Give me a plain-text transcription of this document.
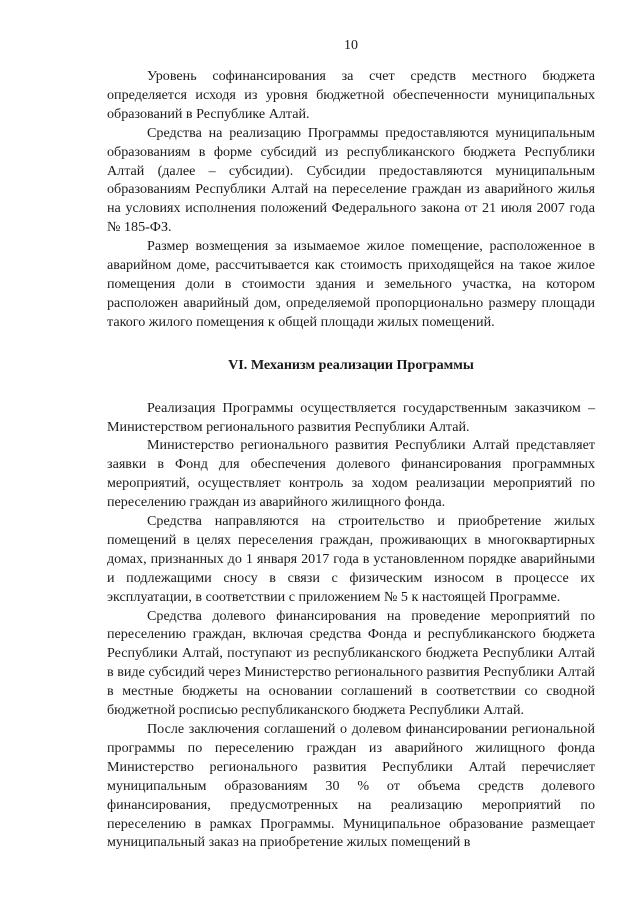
10

Уровень софинансирования за счет средств местного бюджета определяется исходя из уровня бюджетной обеспеченности муниципальных образований в Республике Алтай.

Средства на реализацию Программы предоставляются муниципальным образованиям в форме субсидий из республиканского бюджета Республики Алтай (далее – субсидии). Субсидии предоставляются муниципальным образованиям Республики Алтай на переселение граждан из аварийного жилья на условиях исполнения положений Федерального закона от 21 июля 2007 года № 185-ФЗ.

Размер возмещения за изымаемое жилое помещение, расположенное в аварийном доме, рассчитывается как стоимость приходящейся на такое жилое помещения доли в стоимости здания и земельного участка, на котором расположен аварийный дом, определяемой пропорционально размеру площади такого жилого помещения к общей площади жилых помещений.

VI. Механизм реализации Программы

Реализация Программы осуществляется государственным заказчиком – Министерством регионального развития Республики Алтай.

Министерство регионального развития Республики Алтай представляет заявки в Фонд для обеспечения долевого финансирования программных мероприятий, осуществляет контроль за ходом реализации мероприятий по переселению граждан из аварийного жилищного фонда.

Средства направляются на строительство и приобретение жилых помещений в целях переселения граждан, проживающих в многоквартирных домах, признанных до 1 января 2017 года в установленном порядке аварийными и подлежащими сносу в связи с физическим износом в процессе их эксплуатации, в соответствии с приложением № 5 к настоящей Программе.

Средства долевого финансирования на проведение мероприятий по переселению граждан, включая средства Фонда и республиканского бюджета Республики Алтай, поступают из республиканского бюджета Республики Алтай в виде субсидий через Министерство регионального развития Республики Алтай в местные бюджеты на основании соглашений в соответствии со сводной бюджетной росписью республиканского бюджета Республики Алтай.

После заключения соглашений о долевом финансировании региональной программы по переселению граждан из аварийного жилищного фонда Министерство регионального развития Республики Алтай перечисляет муниципальным образованиям 30 % от объема средств долевого финансирования, предусмотренных на реализацию мероприятий по переселению в рамках Программы. Муниципальное образование размещает муниципальный заказ на приобретение жилых помещений в
